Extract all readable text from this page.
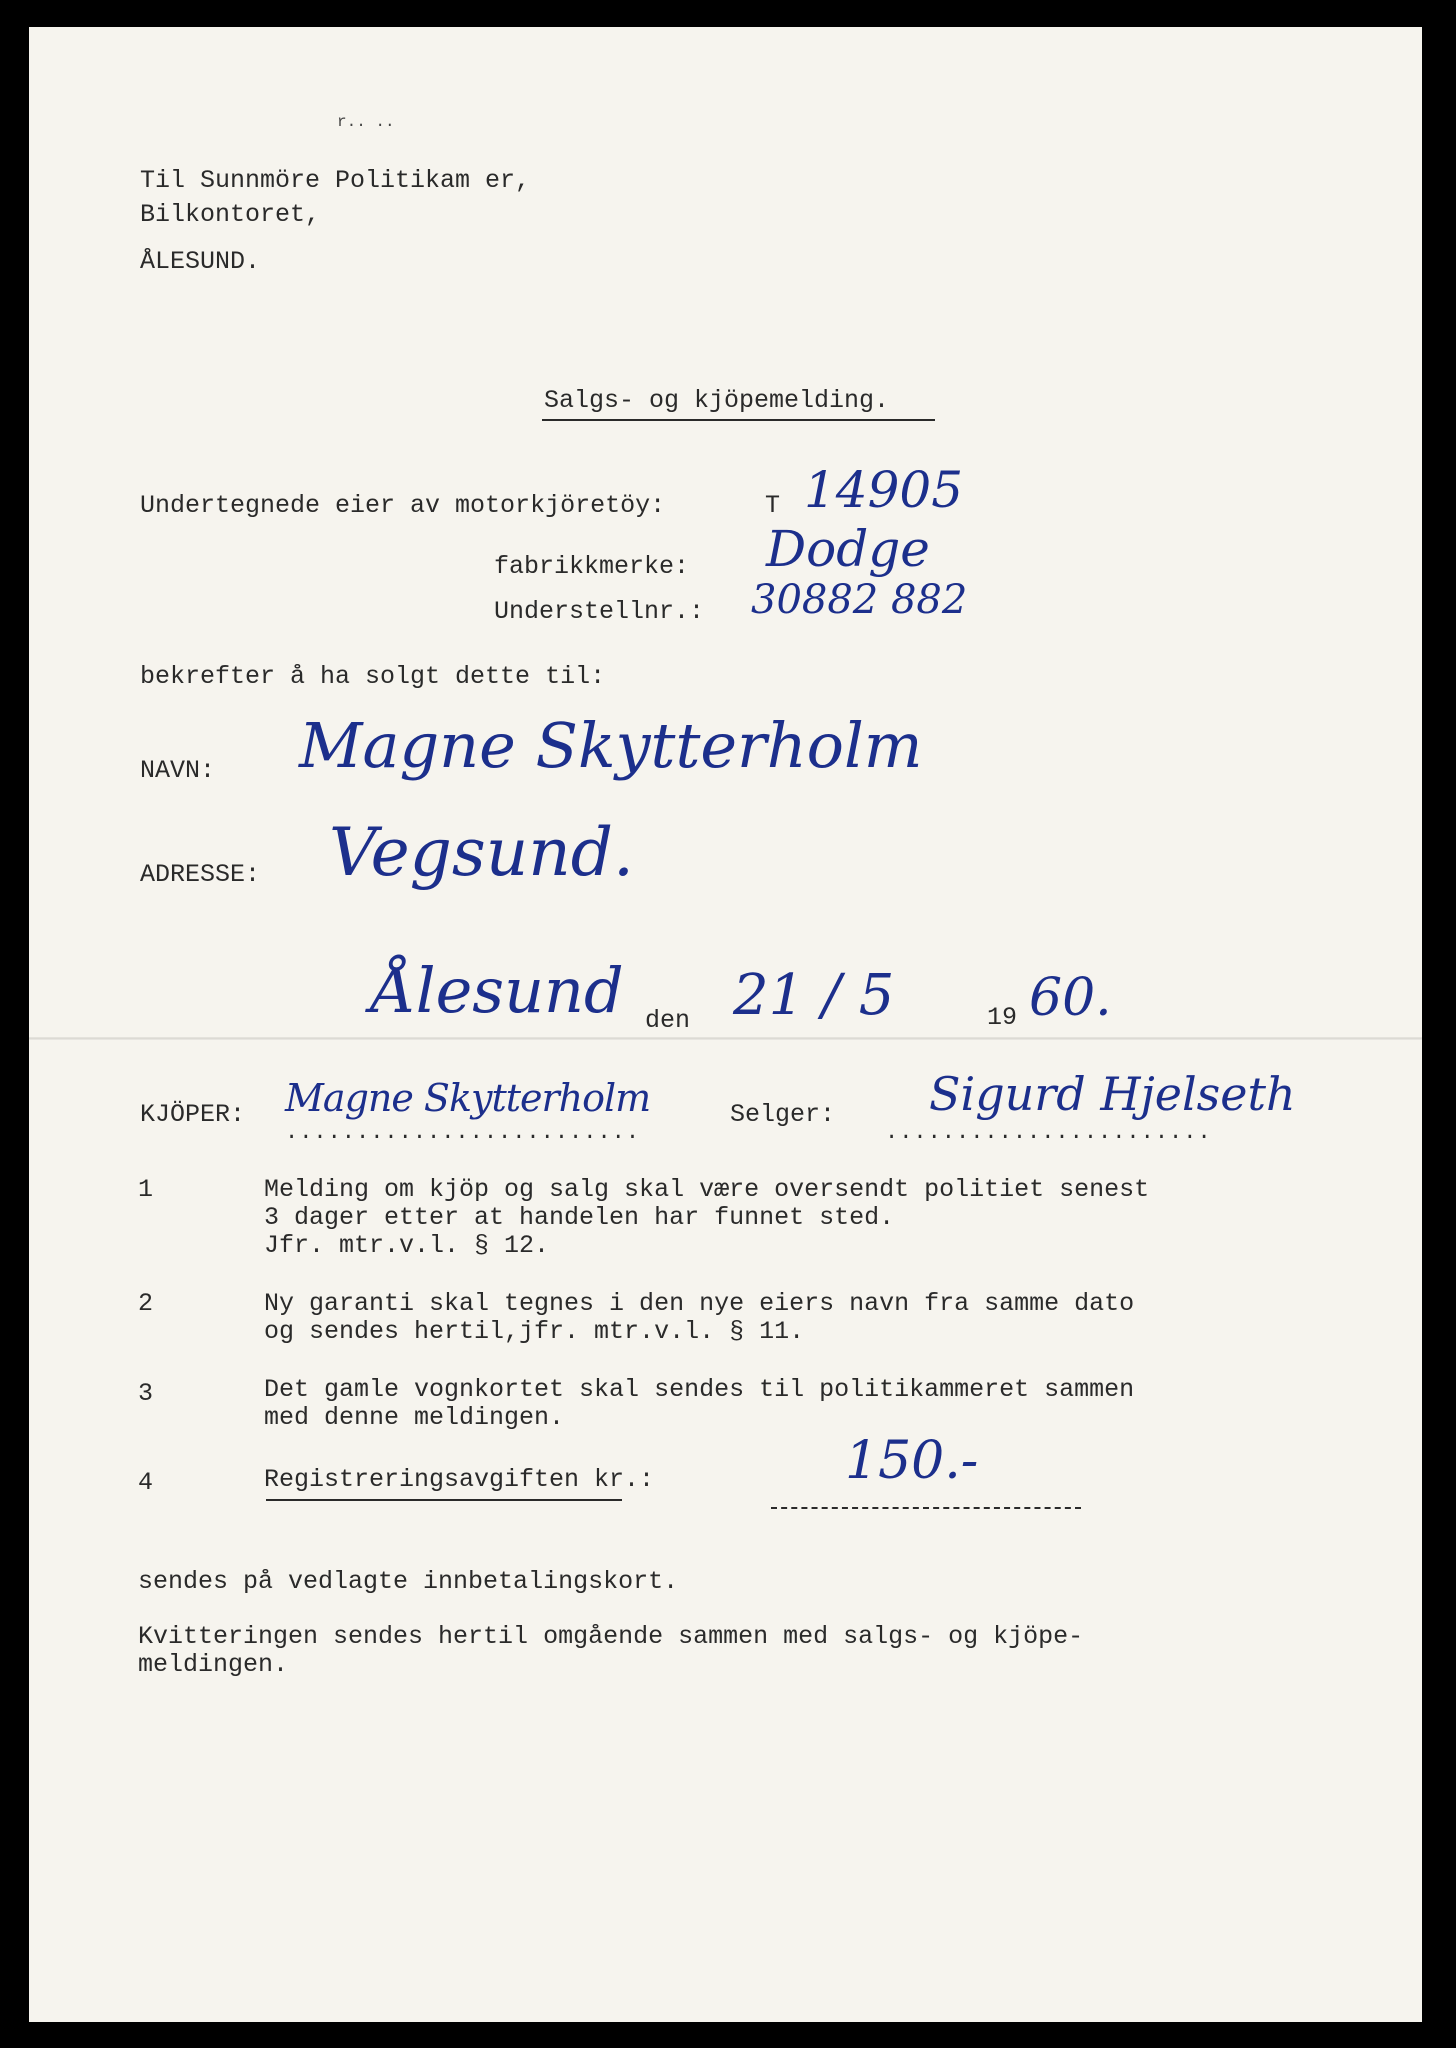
r.. ..
Til Sunnmöre Politikam er,
Bilkontoret,
ÅLESUND.
Salgs- og kjöpemelding.
Undertegnede eier av motorkjöretöy:	T 14905
fabrikkmerke: Dodge
Understellnr.: 30882 882
bekrefter å ha solgt dette til:
NAVN: Magne Skytterholm
ADRESSE: Vegsund.
Ålesund den 21 / 5	19 60.
KJÖPER: Magne Skytterholm
.........................
Selger: Sigurd Hjelseth
.......................
1	Melding om kjöp og salg skal være oversendt politiet senest
3 dager etter at handelen har funnet sted.
Jfr. mtr.v.l. § 12.
2	Ny garanti skal tegnes i den nye eiers navn fra samme dato
og sendes hertil,jfr. mtr.v.l. § 11.
3	Det gamle vognkortet skal sendes til politikammeret sammen
med denne meldingen.
4	Registreringsavgiften kr.:	150.-
sendes på vedlagte innbetalingskort.
Kvitteringen sendes hertil omgående sammen med salgs- og kjöpe-
meldingen.
